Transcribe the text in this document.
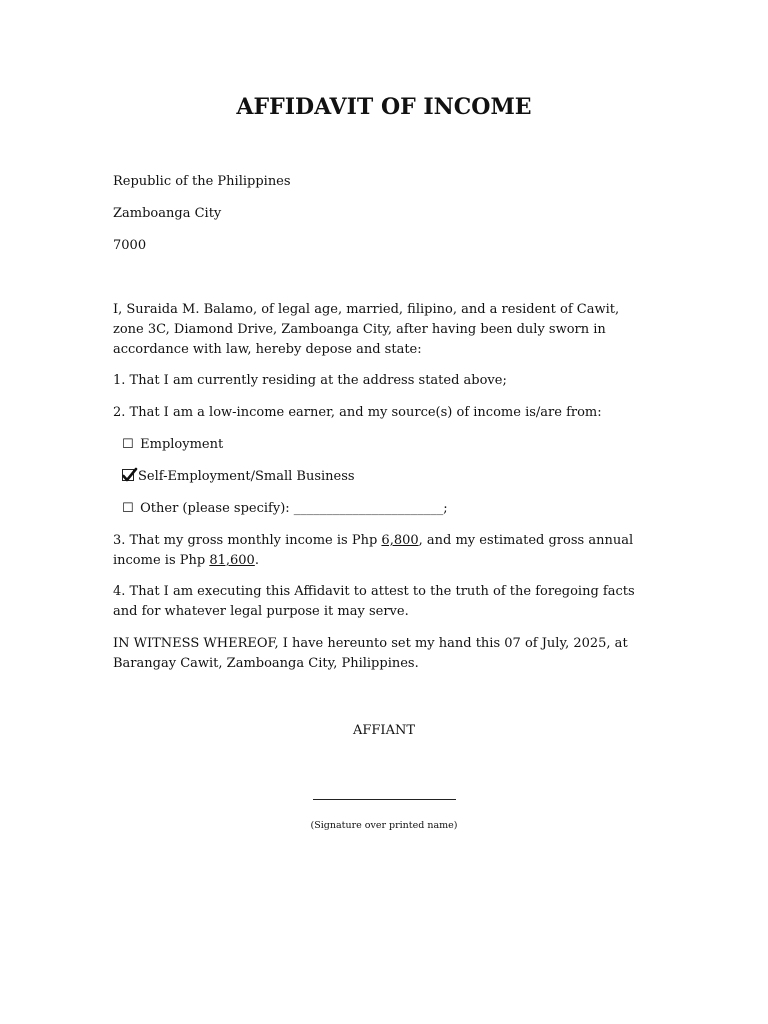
AFFIDAVIT OF INCOME
Republic of the Philippines
Zamboanga City
7000
I, Suraida M. Balamo, of legal age, married, filipino, and a resident of Cawit, zone 3C, Diamond Drive, Zamboanga City, after having been duly sworn in accordance with law, hereby depose and state:
1. That I am currently residing at the address stated above;
2. That I am a low-income earner, and my source(s) of income is/are from:
☐ Employment
Self-Employment/Small Business
☐ Other (please specify): _______________________;
3. That my gross monthly income is Php 6,800, and my estimated gross annual income is Php 81,600.
4. That I am executing this Affidavit to attest to the truth of the foregoing facts and for whatever legal purpose it may serve.
IN WITNESS WHEREOF, I have hereunto set my hand this 07 of July, 2025, at Barangay Cawit, Zamboanga City, Philippines.
AFFIANT
(Signature over printed name)
